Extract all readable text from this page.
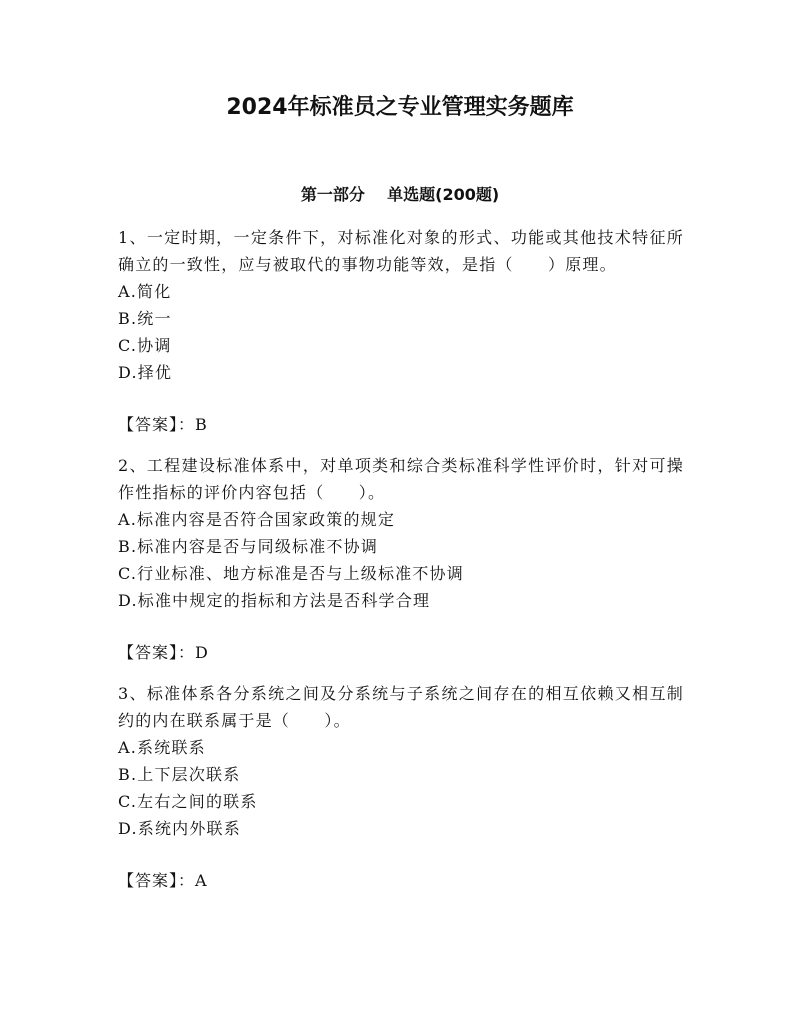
2024年标准员之专业管理实务题库
第一部分    单选题(200题)

1、一定时期，一定条件下，对标准化对象的形式、功能或其他技术特征所确立的一致性，应与被取代的事物功能等效，是指（　　）原理。

A.简化
B.统一
C.协调
D.择优

【答案】：B

2、工程建设标准体系中，对单项类和综合类标准科学性评价时，针对可操作性指标的评价内容包括（　　）。

A.标准内容是否符合国家政策的规定
B.标准内容是否与同级标准不协调
C.行业标准、地方标准是否与上级标准不协调
D.标准中规定的指标和方法是否科学合理

【答案】：D

3、标准体系各分系统之间及分系统与子系统之间存在的相互依赖又相互制约的内在联系属于是（　　）。

A.系统联系
B.上下层次联系
C.左右之间的联系
D.系统内外联系

【答案】：A
